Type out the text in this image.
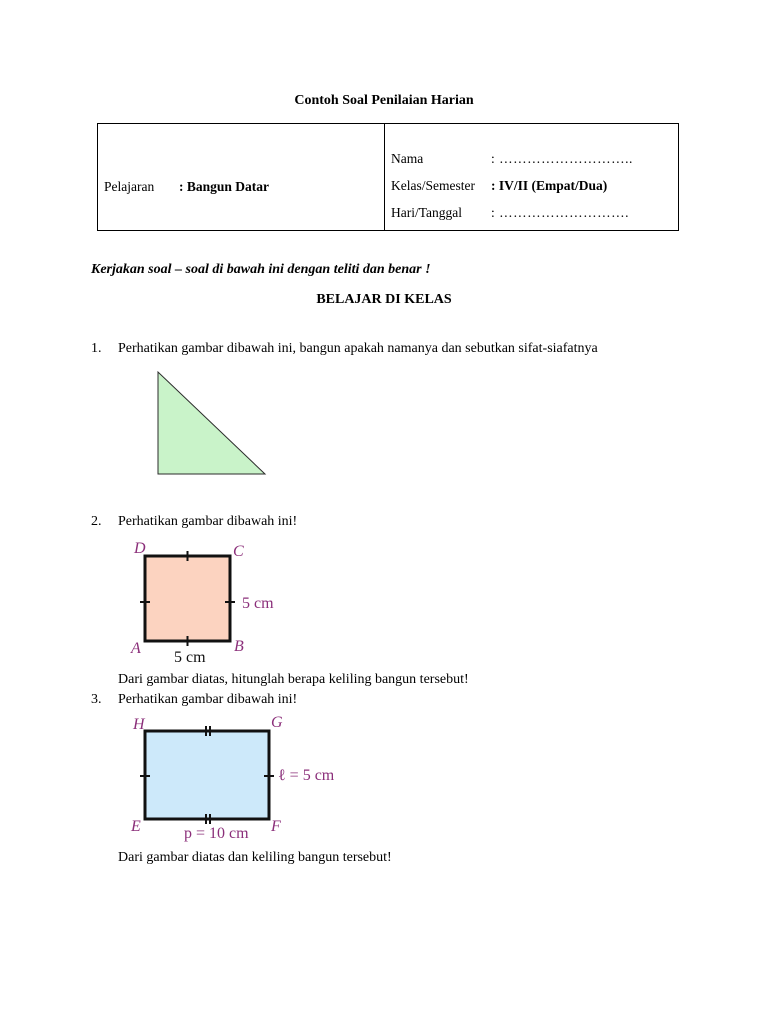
Contoh Soal Penilaian Harian
Pelajaran : Bangun Datar
Nama	: ………………………..
Kelas/Semester : IV/II (Empat/Dua)
Hari/Tanggal : ……………………….
Kerjakan soal – soal di bawah ini dengan teliti dan benar !
BELAJAR DI KELAS
1. Perhatikan gambar dibawah ini, bangun apakah namanya dan sebutkan sifat-siafatnya
2. Perhatikan gambar dibawah ini!
D	C
A	B
5 cm
5 cm
Dari gambar diatas, hitunglah berapa keliling bangun tersebut!
3. Perhatikan gambar dibawah ini!
H	G
E	F
ℓ = 5 cm
p = 10 cm
Dari gambar diatas dan keliling bangun tersebut!
